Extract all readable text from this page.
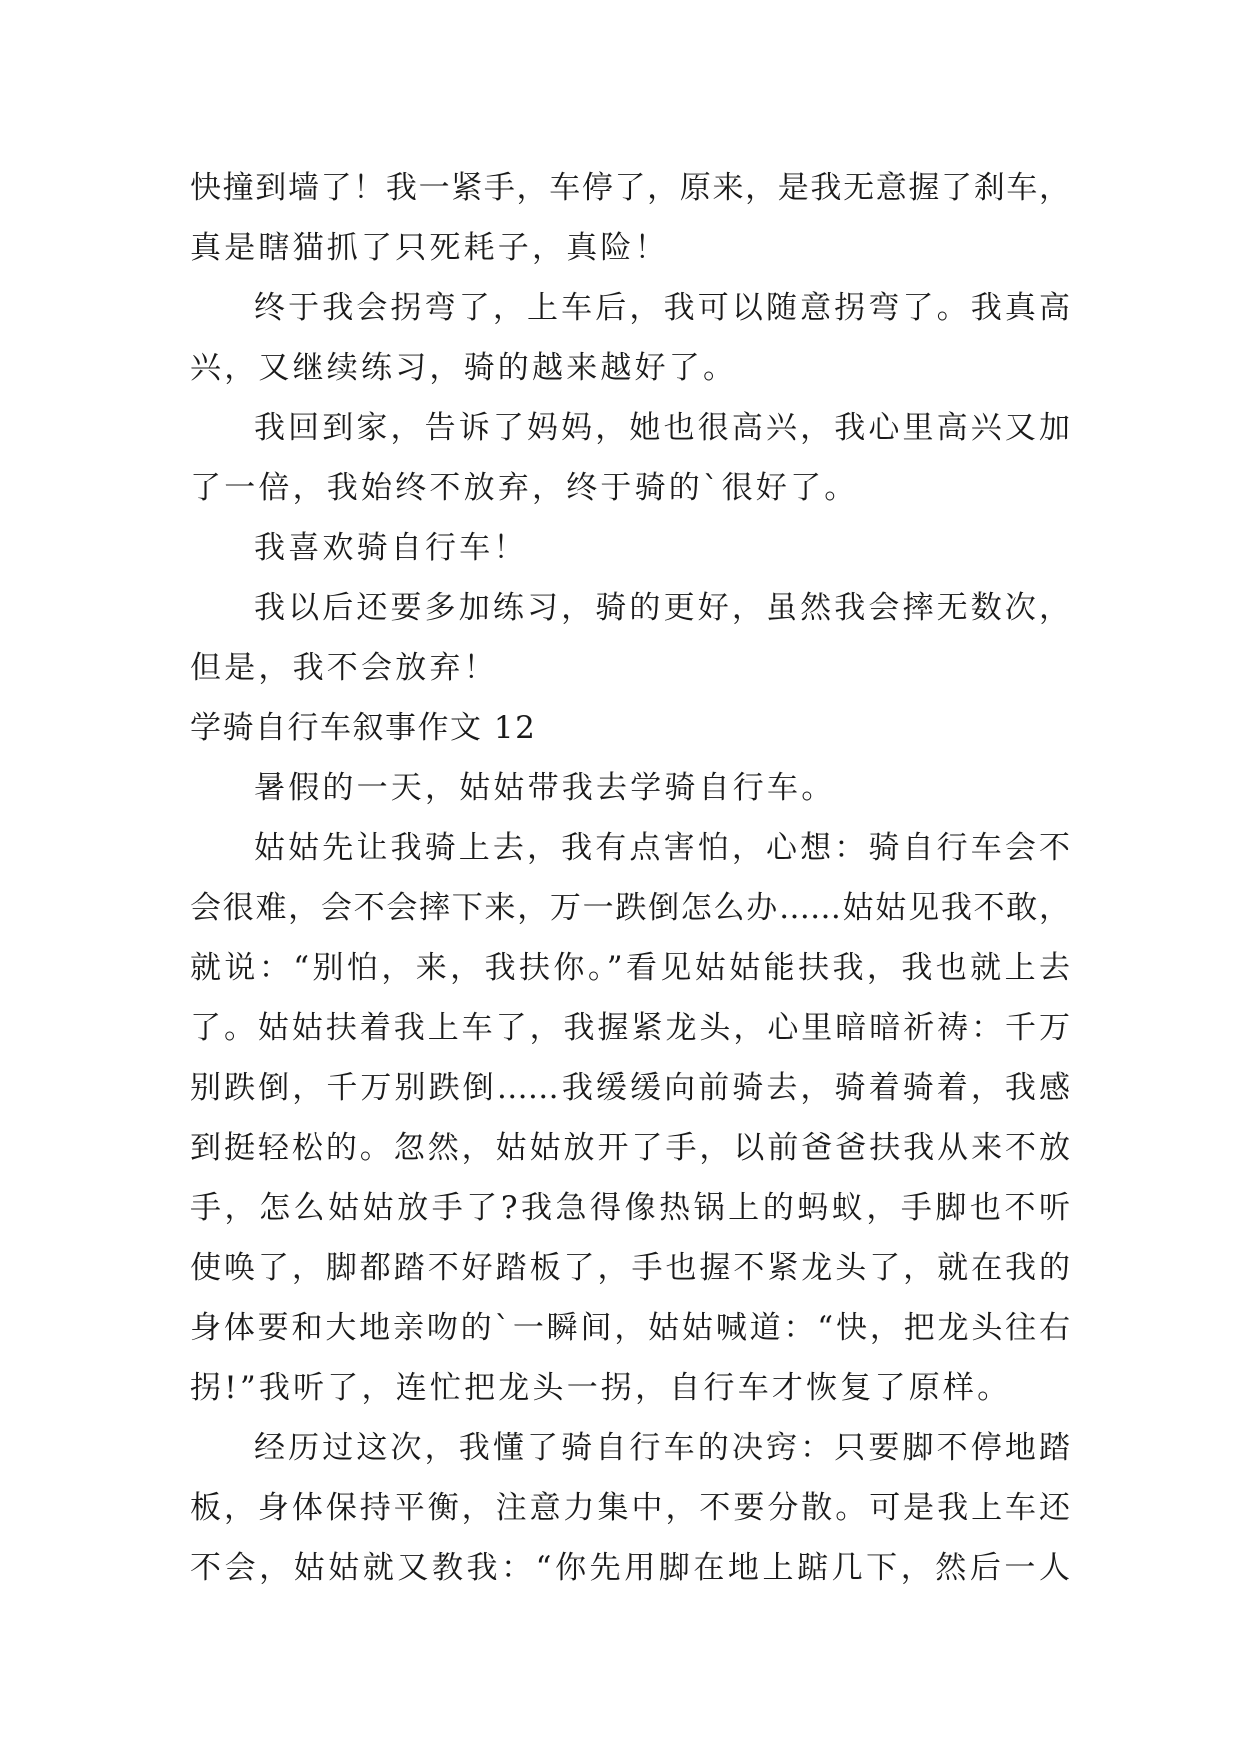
快撞到墙了！我一紧手，车停了，原来，是我无意握了刹车，
真是瞎猫抓了只死耗子，真险！
终于我会拐弯了，上车后，我可以随意拐弯了。我真高
兴，又继续练习，骑的越来越好了。
我回到家，告诉了妈妈，她也很高兴，我心里高兴又加
了一倍，我始终不放弃，终于骑的`很好了。
我喜欢骑自行车！
我以后还要多加练习，骑的更好，虽然我会摔无数次，
但是，我不会放弃！
学骑自行车叙事作文 12
暑假的一天，姑姑带我去学骑自行车。
姑姑先让我骑上去，我有点害怕，心想：骑自行车会不
会很难，会不会摔下来，万一跌倒怎么办……姑姑见我不敢，
就说：“别怕，来，我扶你。”看见姑姑能扶我，我也就上去
了。姑姑扶着我上车了，我握紧龙头，心里暗暗祈祷：千万
别跌倒，千万别跌倒……我缓缓向前骑去，骑着骑着，我感
到挺轻松的。忽然，姑姑放开了手，以前爸爸扶我从来不放
手，怎么姑姑放手了?我急得像热锅上的蚂蚁，手脚也不听
使唤了，脚都踏不好踏板了，手也握不紧龙头了，就在我的
身体要和大地亲吻的`一瞬间，姑姑喊道：“快，把龙头往右
拐!”我听了，连忙把龙头一拐，自行车才恢复了原样。
经历过这次，我懂了骑自行车的决窍：只要脚不停地踏
板，身体保持平衡，注意力集中，不要分散。可是我上车还
不会，姑姑就又教我：“你先用脚在地上踮几下，然后一人
